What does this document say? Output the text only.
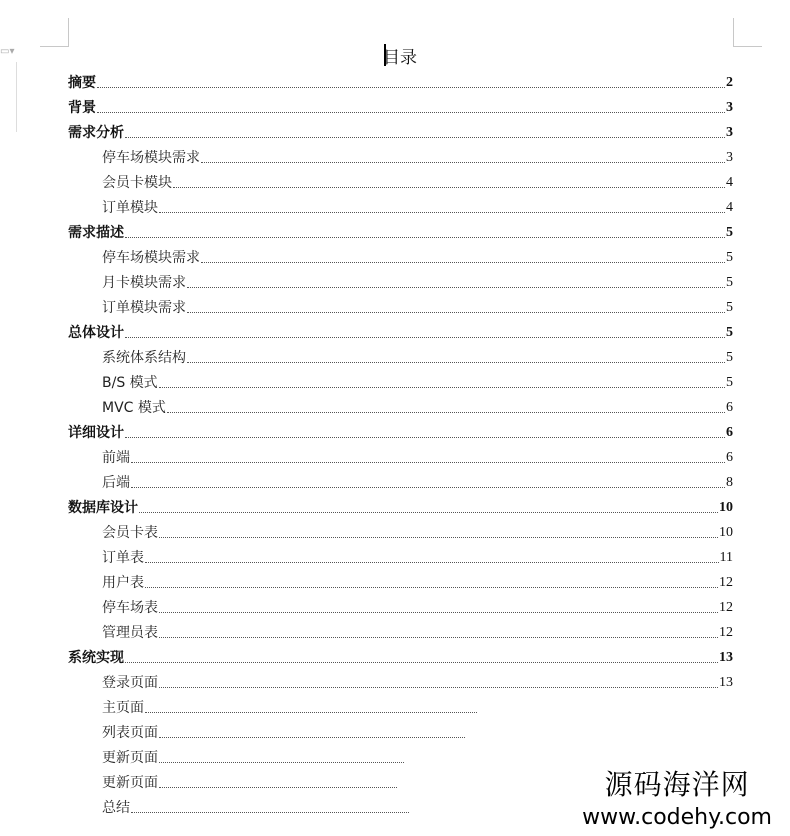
▭▾	目录
摘要	2
背景	3
需求分析	3
停车场模块需求	3
会员卡模块	4
订单模块	4
需求描述	5
停车场模块需求	5
月卡模块需求	5
订单模块需求	5
总体设计	5
系统体系结构	5
B/S 模式	5
MVC 模式	6
详细设计	6
前端	6
后端	8
数据库设计	10
会员卡表	10
订单表	11
用户表	12
停车场表	12
管理员表	12
系统实现	13
登录页面	13
主页面
列表页面
更新页面
更新页面
总结
源码海洋网
www.codehy.com
